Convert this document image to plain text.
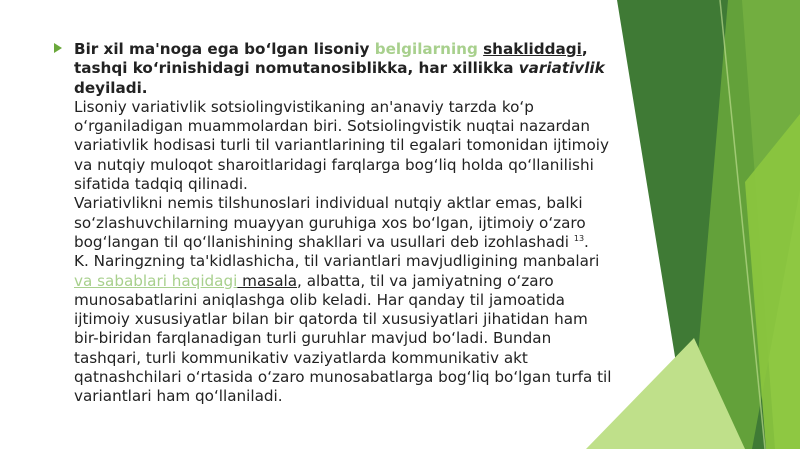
Bir xil ma'noga ega bo‘lgan lisoniy belgilarning shakliddagi, tashqi ko‘rinishidagi nomutanosiblikka, har xillikka variativlik deyiladi.
Lisoniy variativlik sotsiolingvistikaning an'anaviy tarzda ko‘p o‘rganiladigan muammolardan biri. Sotsiolingvistik nuqtai nazardan variativlik hodisasi turli til variantlarining til egalari tomonidan ijtimoiy va nutqiy muloqot sharoitlaridagi farqlarga bog‘liq holda qo‘llanilishi sifatida tadqiq qilinadi.
Variativlikni nemis tilshunoslari individual nutqiy aktlar emas, balki so‘zlashuvchilarning muayyan guruhiga xos bo‘lgan, ijtimoiy o‘zaro bog‘langan til qo‘llanishining shakllari va usullari deb izohlashadi $^{13}$.
K. Naringzning ta'kidlashicha, til variantlari mavjudligining manbalari va sabablari haqidagi masala, albatta, til va jamiyatning o‘zaro munosabatlarini aniqlashga olib keladi. Har qanday til jamoatida ijtimoiy xususiyatlar bilan bir qatorda til xususiyatlari jihatidan ham bir-biridan farqlanadigan turli guruhlar mavjud bo‘ladi. Bundan tashqari, turli kommunikativ vaziyatlarda kommunikativ akt qatnashchilari o‘rtasida o‘zaro munosabatlarga bog‘liq bo‘lgan turfa til variantlari ham qo‘llaniladi.
